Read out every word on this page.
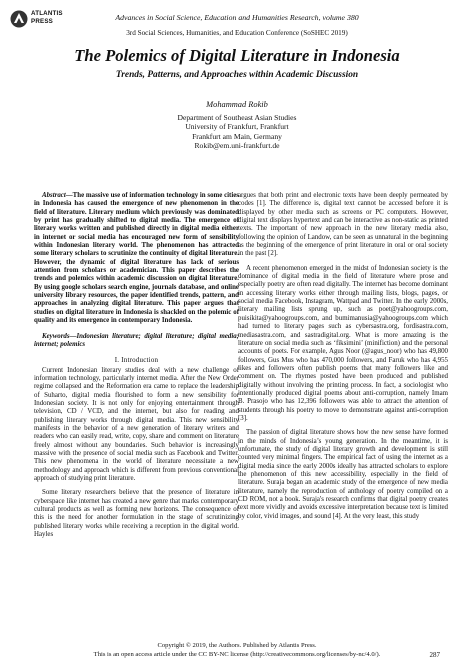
ATLANTIS
PRESS	Advances in Social Science, Education and Humanities Research, volume 380
3rd Social Sciences, Humanities, and Education Conference (SoSHEC 2019)
The Polemics of Digital Literature in Indonesia
Trends, Patterns, and Approaches within Academic Discussion
Mohammad Rokib
Department of Southeast Asian Studies
University of Frankfurt, Frankfurt
Frankfurt am Main, Germany
Rokib@em.uni-frankfurt.de

Abstract—The massive use of information technology in some cities in Indonesia has caused the emergence of new phenomenon in the field of literature. Literary medium which previously was dominated by print has gradually shifted to digital media. The emergence of literary works written and published directly in digital media either in internet or social media has encouraged new form of sensibility within Indonesian literary world. The phenomenon has attracted some literary scholars to scrutinize the continuity of digital literature. However, the dynamic of digital literature has lack of serious attention from scholars or academician. This paper describes the trends and polemics within academic discussion on digital literature. By using google scholars search engine, journals database, and online university library resources, the paper identified trends, pattern, and approaches in analyzing digital literature. This paper argues that studies on digital literature in Indonesia is shackled on the polemic of quality and its emergence in contemporary Indonesia.

Keywords—Indonesian literature; digital literature; digital media; internet; polemics

I. Introduction

Current Indonesian literary studies deal with a new challenge of information technology, particularly internet media. After the New Order regime collapsed and the Reformation era came to replace the leadership of Suharto, digital media flourished to form a new sensibility for Indonesian society. It is not only for enjoying entertainment through television, CD / VCD, and the internet, but also for reading and publishing literary works through digital media. This new sensibility manifests in the behavior of a new generation of literary writers and readers who can easily read, write, copy, share and comment on literature freely almost without any boundaries. Such behavior is increasingly massive with the presence of social media such as Facebook and Twitter. This new phenomena in the world of literature necessitate a new methodology and approach which is different from previous conventional approach of studying print literature.

Some literary researchers believe that the presence of literature in cyberspace like internet has created a new genre that marks contemporary cultural products as well as forming new horizons. The consequence of this is the need for another formulation in the stage of scrutinizing published literary works while receiving a reception in the digital world. Hayles

argues that both print and electronic texts have been deeply permeated by codes [1]. The difference is, digital text cannot be accessed before it is displayed by other media such as screens or PC computers. However, digital text displays hypertext and can be interactive as non-static as printed texts. The important of new approach in the new literary media also, following the opinion of Landow, can be seen as unnatural in the beginning as the beginning of the emergence of print literature in oral or oral society in the past [2].

A recent phenomenon emerged in the midst of Indonesian society is the dominance of digital media in the field of literature where prose and especially poetry are often read digitally. The internet has become dominant in accessing literary works either through mailing lists, blogs, pages, or social media Facebook, Instagram, Wattpad and Twitter. In the early 2000s, literary mailing lists sprung up, such as poet@yahoogroups.com, puisikita@yahoogroups.com, and bumimanusia@yahoogroups.com which had turned to literary pages such as cybersastra.org, fordisastra.com, mediasastra.com, and sastradigital.org. What is more amazing is the literature on social media such as ‘fiksimini’ (minifiction) and the personal accounts of poets. For example, Agus Noor (@agus_noor) who has 49,800 followers, Gus Mus who has 470,000 followers, and Faruk who has 4,955 likes and followers often publish poems that many followers like and comment on. The rhymes posted have been produced and published digitally without involving the printing process. In fact, a sociologist who intentionally produced digital poems about anti-corruption, namely Imam B. Prasojo who has 12,396 followers was able to attract the attention of students through his poetry to move to demonstrate against anti-corruption [3].

The passion of digital literature shows how the new sense have formed in the minds of Indonesia’s young generation. In the meantime, it is unfortunate, the study of digital literary growth and development is still counted very minimal fingers. The empirical fact of using the internet as a digital media since the early 2000s ideally has attracted scholars to explore the phenomenon of this new accessibility, especially in the field of literature. Suraja began an academic study of the emergence of new media literature, namely the reproduction of anthology of poetry compiled on a CD ROM, not a book. Suraja's research confirms that digital poetry creates text more vividly and avoids excessive interpretation because text is limited by color, vivid images, and sound [4]. At the very least, this study

Copyright © 2019, the Authors. Published by Atlantis Press.
This is an open access article under the CC BY-NC license (http://creativecommons.org/licenses/by-nc/4.0/).	287
